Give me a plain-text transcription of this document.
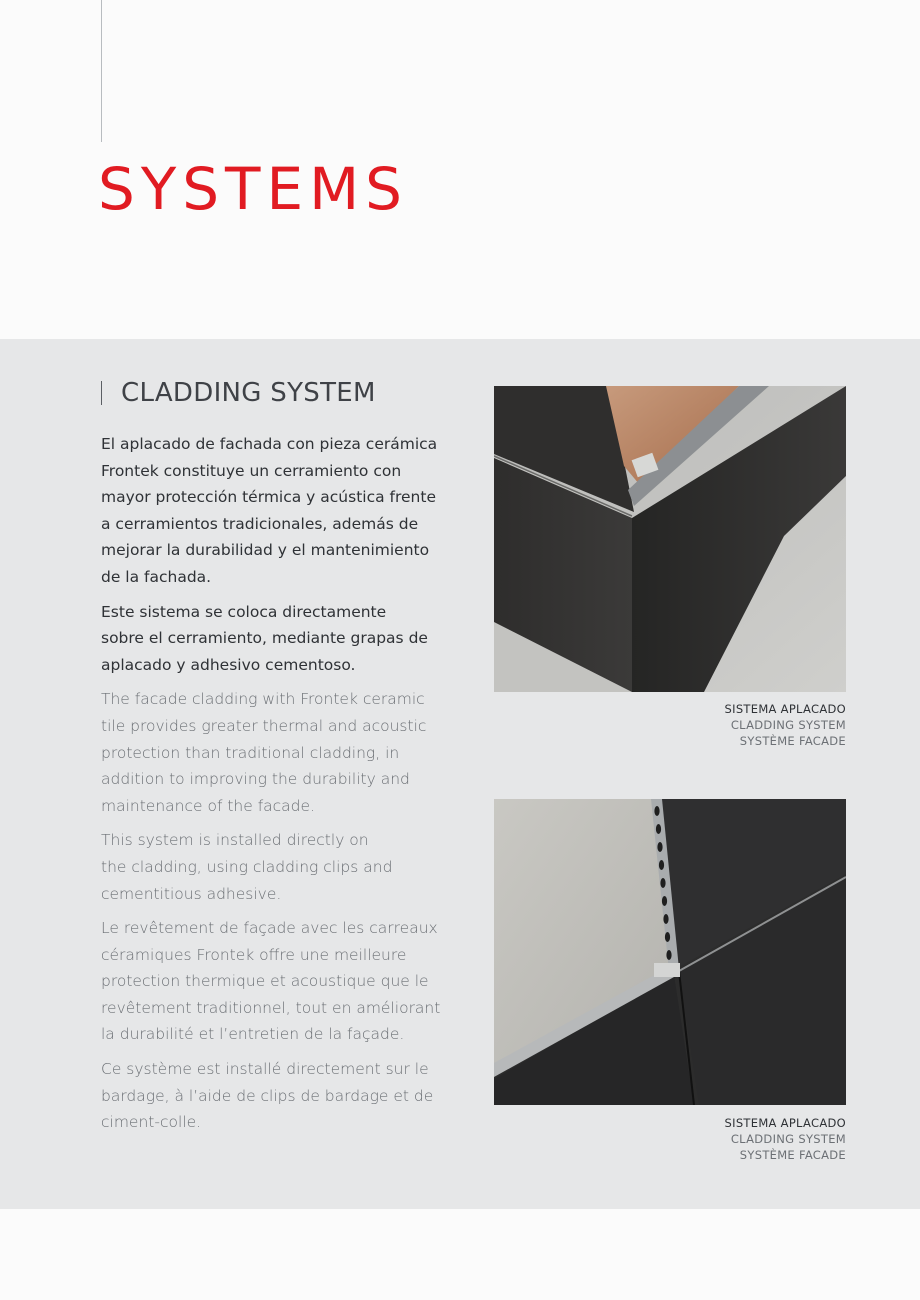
SYSTEMS
CLADDING SYSTEM

El aplacado de fachada con pieza cerámica
Frontek constituye un cerramiento con
mayor protección térmica y acústica frente
a cerramientos tradicionales, además de
mejorar la durabilidad y el mantenimiento
de la fachada.

Este sistema se coloca directamente
sobre el cerramiento, mediante grapas de
aplacado y adhesivo cementoso.

The facade cladding with Frontek ceramic
tile provides greater thermal and acoustic
protection than traditional cladding, in
addition to improving the durability and
maintenance of the facade.

This system is installed directly on
the cladding, using cladding clips and
cementitious adhesive.

Le revêtement de façade avec les carreaux
céramiques Frontek offre une meilleure
protection thermique et acoustique que le
revêtement traditionnel, tout en améliorant
la durabilité et l’entretien de la façade.

Ce système est installé directement sur le
bardage, à l’aide de clips de bardage et de
ciment-colle.

SISTEMA APLACADO
CLADDING SYSTEM
SYSTÈME FACADE
SISTEMA APLACADO
CLADDING SYSTEM
SYSTÈME FACADE
